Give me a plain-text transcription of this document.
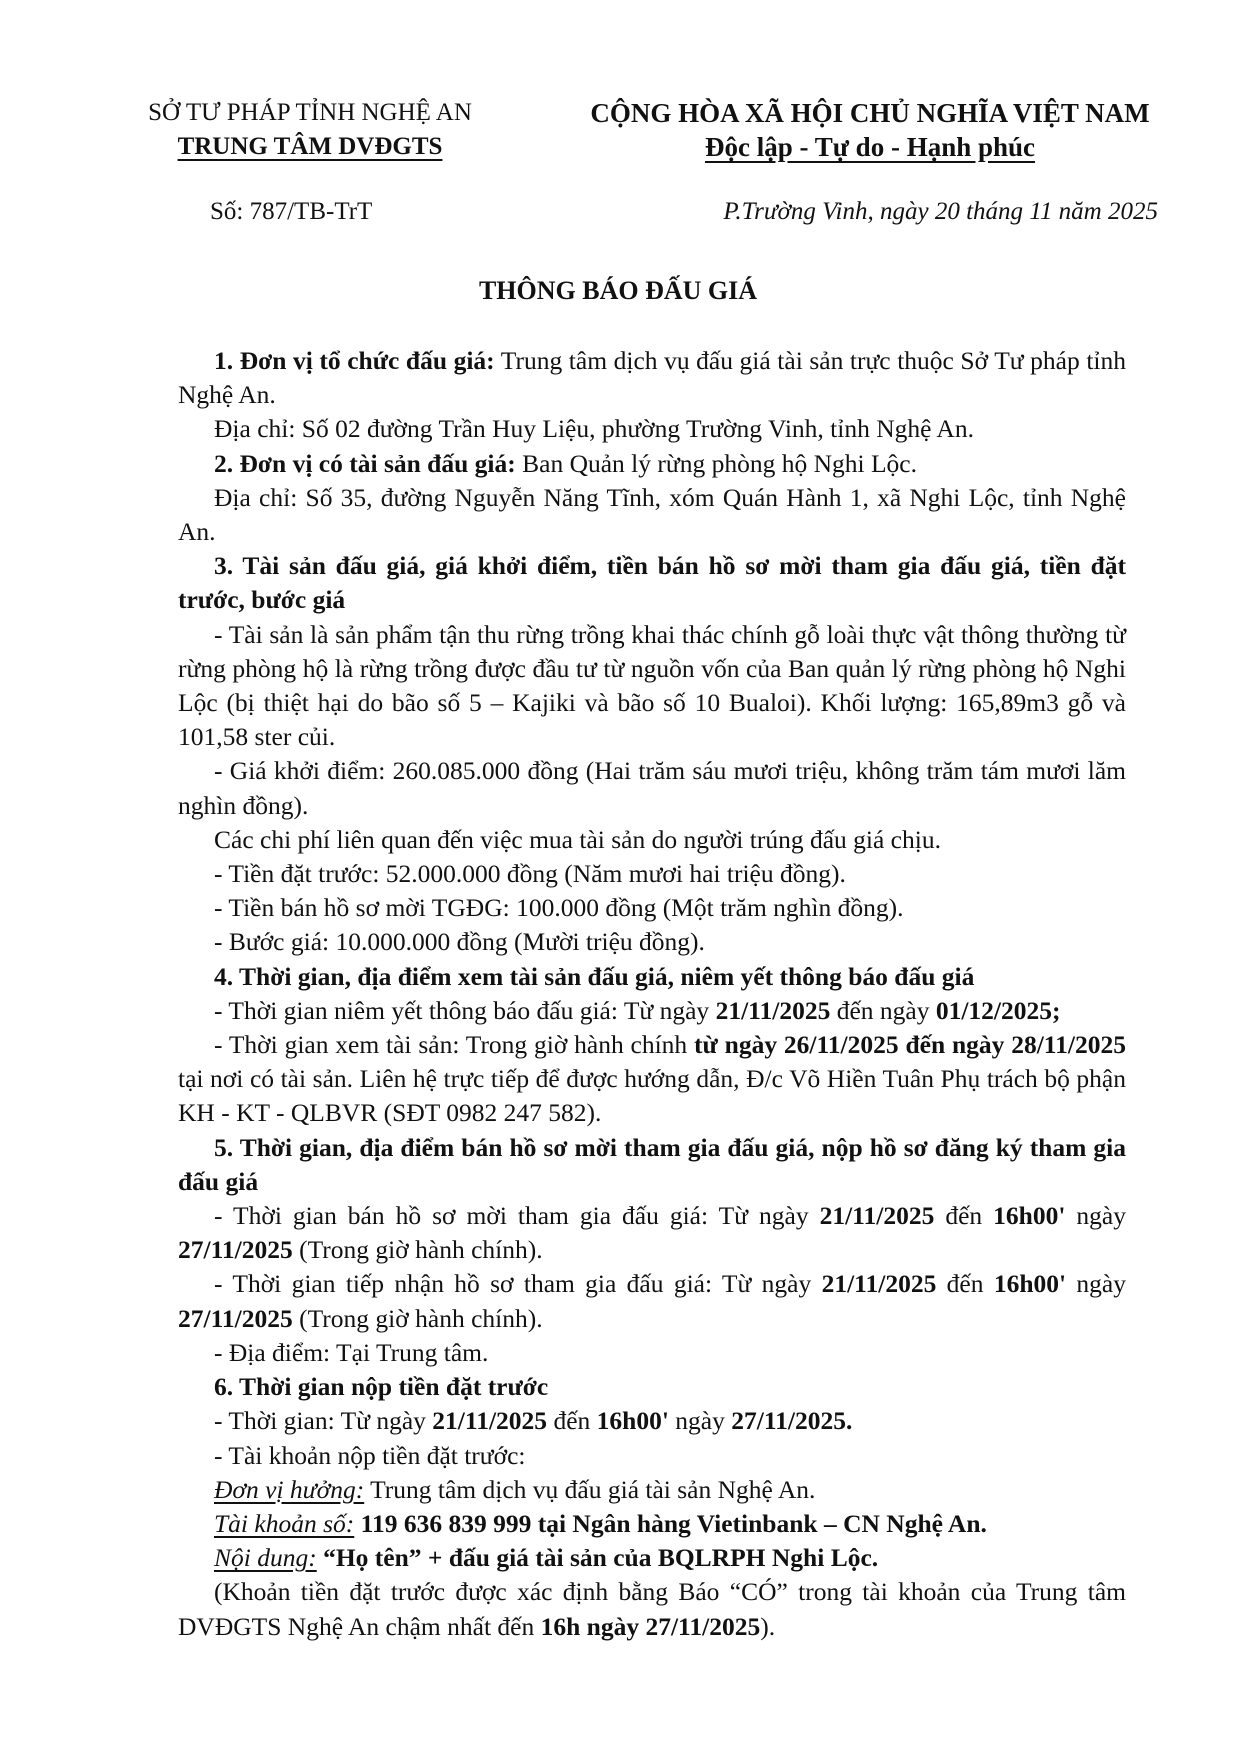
SỞ TƯ PHÁP TỈNH NGHỆ AN
TRUNG TÂM DVĐGTS
CỘNG HÒA XÃ HỘI CHỦ NGHĨA VIỆT NAM
Độc lập - Tự do - Hạnh phúc
Số: 787/TB-TrT	P.Trường Vinh, ngày 20 tháng 11 năm 2025
THÔNG BÁO ĐẤU GIÁ

1. Đơn vị tổ chức đấu giá: Trung tâm dịch vụ đấu giá tài sản trực thuộc Sở Tư pháp tỉnh Nghệ An.

Địa chỉ: Số 02 đường Trần Huy Liệu, phường Trường Vinh, tỉnh Nghệ An.

2. Đơn vị có tài sản đấu giá: Ban Quản lý rừng phòng hộ Nghi Lộc.

Địa chỉ: Số 35, đường Nguyễn Năng Tĩnh, xóm Quán Hành 1, xã Nghi Lộc, tỉnh Nghệ An.

3. Tài sản đấu giá, giá khởi điểm, tiền bán hồ sơ mời tham gia đấu giá, tiền đặt trước, bước giá

- Tài sản là sản phẩm tận thu rừng trồng khai thác chính gỗ loài thực vật thông thường từ rừng phòng hộ là rừng trồng được đầu tư từ nguồn vốn của Ban quản lý rừng phòng hộ Nghi Lộc (bị thiệt hại do bão số 5 – Kajiki và bão số 10 Bualoi). Khối lượng: 165,89m3 gỗ và 101,58 ster củi.

- Giá khởi điểm: 260.085.000 đồng (Hai trăm sáu mươi triệu, không trăm tám mươi lăm nghìn đồng).

Các chi phí liên quan đến việc mua tài sản do người trúng đấu giá chịu.

- Tiền đặt trước: 52.000.000 đồng (Năm mươi hai triệu đồng).

- Tiền bán hồ sơ mời TGĐG: 100.000 đồng (Một trăm nghìn đồng).

- Bước giá: 10.000.000 đồng (Mười triệu đồng).

4. Thời gian, địa điểm xem tài sản đấu giá, niêm yết thông báo đấu giá

- Thời gian niêm yết thông báo đấu giá: Từ ngày 21/11/2025 đến ngày 01/12/2025;

- Thời gian xem tài sản: Trong giờ hành chính từ ngày 26/11/2025 đến ngày 28/11/2025 tại nơi có tài sản. Liên hệ trực tiếp để được hướng dẫn, Đ/c Võ Hiền Tuân Phụ trách bộ phận KH - KT - QLBVR (SĐT 0982 247 582).

5. Thời gian, địa điểm bán hồ sơ mời tham gia đấu giá, nộp hồ sơ đăng ký tham gia đấu giá

- Thời gian bán hồ sơ mời tham gia đấu giá: Từ ngày 21/11/2025 đến 16h00' ngày 27/11/2025 (Trong giờ hành chính).

- Thời gian tiếp nhận hồ sơ tham gia đấu giá: Từ ngày 21/11/2025 đến 16h00' ngày 27/11/2025 (Trong giờ hành chính).

- Địa điểm: Tại Trung tâm.

6. Thời gian nộp tiền đặt trước

- Thời gian: Từ ngày 21/11/2025 đến 16h00' ngày 27/11/2025.

- Tài khoản nộp tiền đặt trước:

Đơn vị hưởng: Trung tâm dịch vụ đấu giá tài sản Nghệ An.

Tài khoản số: 119 636 839 999 tại Ngân hàng Vietinbank – CN Nghệ An.

Nội dung: “Họ tên” + đấu giá tài sản của BQLRPH Nghi Lộc.

(Khoản tiền đặt trước được xác định bằng Báo “CÓ” trong tài khoản của Trung tâm DVĐGTS Nghệ An chậm nhất đến 16h ngày 27/11/2025).
